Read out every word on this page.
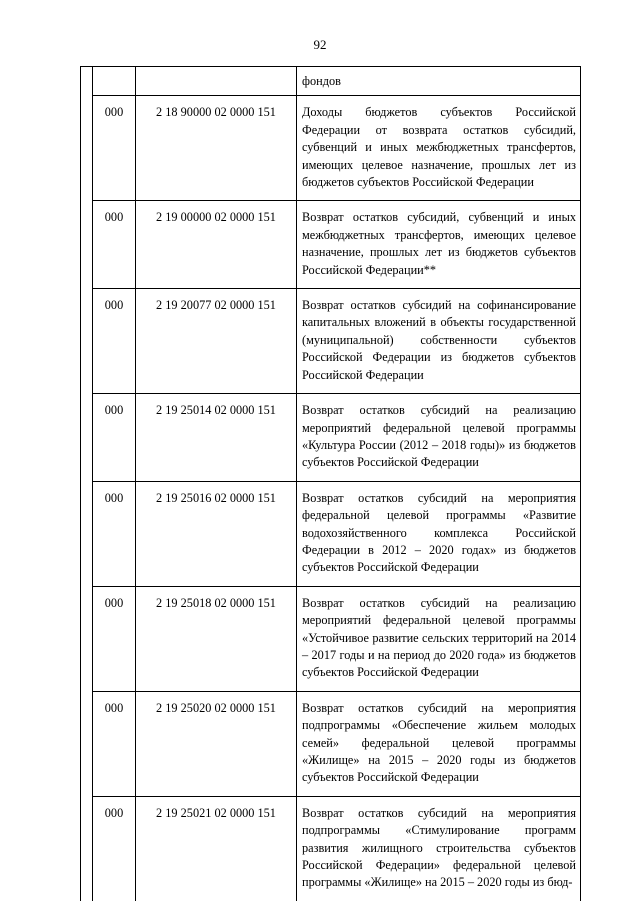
92
			фондов
	000	2 18 90000 02 0000 151	Доходы бюджетов субъектов Российской Федерации от возврата остатков субсидий, субвенций и иных межбюджетных трансфертов, имеющих целевое назначение, прошлых лет из бюджетов субъектов Российской Федерации
	000	2 19 00000 02 0000 151	Возврат остатков субсидий, субвенций и иных межбюджетных трансфертов, имеющих целевое назначение, прошлых лет из бюджетов субъектов Российской Федерации**
	000	2 19 20077 02 0000 151	Возврат остатков субсидий на софинансирование капитальных вложений в объекты государственной (муниципальной) собственности субъектов Российской Федерации из бюджетов субъектов Российской Федерации
	000	2 19 25014 02 0000 151	Возврат остатков субсидий на реализацию мероприятий федеральной целевой программы «Культура России (2012 – 2018 годы)» из бюджетов субъектов Российской Федерации
	000	2 19 25016 02 0000 151	Возврат остатков субсидий на мероприятия федеральной целевой программы «Развитие водохозяйственного комплекса Российской Федерации в 2012 – 2020 годах» из бюджетов субъектов Российской Федерации
	000	2 19 25018 02 0000 151	Возврат остатков субсидий на реализацию мероприятий федеральной целевой программы «Устойчивое развитие сельских территорий на 2014 – 2017 годы и на период до 2020 года» из бюджетов субъектов Российской Федерации
	000	2 19 25020 02 0000 151	Возврат остатков субсидий на мероприятия подпрограммы «Обеспечение жильем молодых семей» федеральной целевой программы «Жилище» на 2015 – 2020 годы из бюджетов субъектов Российской Федерации
	000	2 19 25021 02 0000 151	Возврат остатков субсидий на мероприятия подпрограммы «Стимулирование программ развития жилищного строительства субъектов Российской Федерации» федеральной целевой программы «Жилище» на 2015 – 2020 годы из бюд-
